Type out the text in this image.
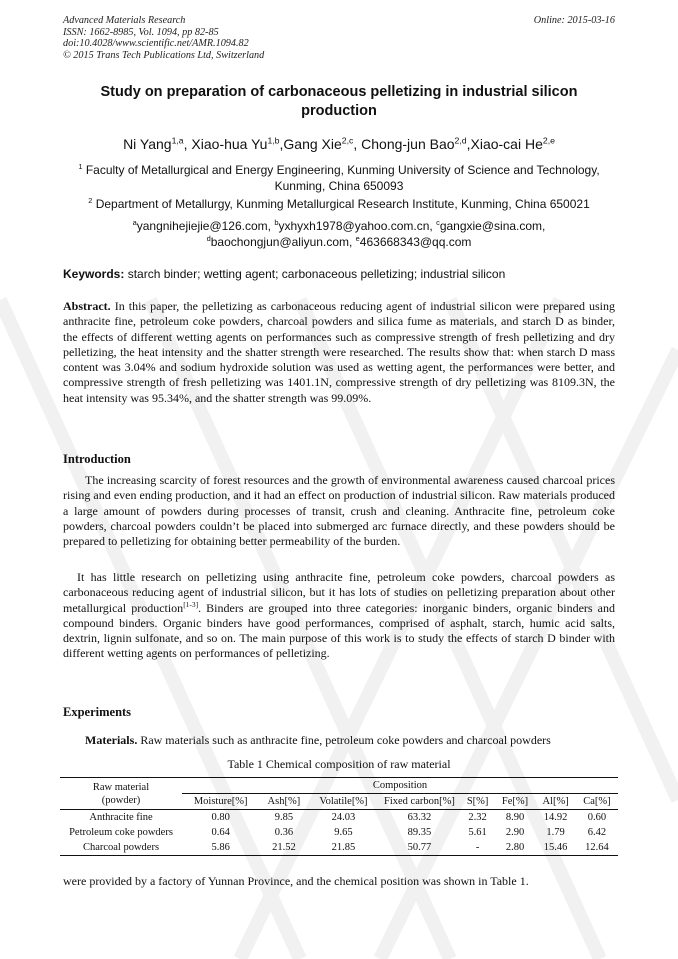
Advanced Materials Research
ISSN: 1662-8985, Vol. 1094, pp 82-85
doi:10.4028/www.scientific.net/AMR.1094.82
© 2015 Trans Tech Publications Ltd, Switzerland
Online: 2015-03-16
Study on preparation of carbonaceous pelletizing in industrial silicon
production
Ni Yang$^{1,a}$, Xiao-hua Yu$^{1,b}$,Gang Xie$^{2,c}$, Chong-jun Bao$^{2,d}$,Xiao-cai He$^{2,e}$
$^1$ Faculty of Metallurgical and Energy Engineering, Kunming University of Science and Technology,
Kunming, China 650093
$^2$ Department of Metallurgy, Kunming Metallurgical Research Institute, Kunming, China 650021
$^a$yangnihejiejie@126.com, $^b$yxhyxh1978@yahoo.com.cn, $^c$gangxie@sina.com,
$^d$baochongjun@aliyun.com, $^e$463668343@qq.com
Keywords: starch binder; wetting agent; carbonaceous pelletizing; industrial silicon
Abstract. In this paper, the pelletizing as carbonaceous reducing agent of industrial silicon were prepared using anthracite fine, petroleum coke powders, charcoal powders and silica fume as materials, and starch D as binder, the effects of different wetting agents on performances such as compressive strength of fresh pelletizing and dry pelletizing, the heat intensity and the shatter strength were researched. The results show that: when starch D mass content was 3.04% and sodium hydroxide solution was used as wetting agent, the performances were better, and compressive strength of fresh pelletizing was 1401.1N, compressive strength of dry pelletizing was 8109.3N, the heat intensity was 95.34%, and the shatter strength was 99.09%.
Introduction
The increasing scarcity of forest resources and the growth of environmental awareness caused charcoal prices rising and even ending production, and it had an effect on production of industrial silicon. Raw materials produced a large amount of powders during processes of transit, crush and cleaning. Anthracite fine, petroleum coke powders, charcoal powders couldn’t be placed into submerged arc furnace directly, and these powders should be prepared to pelletizing for obtaining better permeability of the burden.
It has little research on pelletizing using anthracite fine, petroleum coke powders, charcoal powders as carbonaceous reducing agent of industrial silicon, but it has lots of studies on pelletizing preparation about other metallurgical production[1-3]. Binders are grouped into three categories: inorganic binders, organic binders and compound binders. Organic binders have good performances, comprised of asphalt, starch, humic acid salts, dextrin, lignin sulfonate, and so on. The main purpose of this work is to study the effects of starch D binder with different wetting agents on performances of pelletizing.
Experiments
Materials. Raw materials such as anthracite fine, petroleum coke powders and charcoal powders
Table 1 Chemical composition of raw material
Raw material
(powder)	Composition							
	Moisture[%]	Ash[%]	Volatile[%]	Fixed carbon[%]	S[%]	Fe[%]	Al[%]	Ca[%]
Anthracite fine	0.80	9.85	24.03	63.32	2.32	8.90	14.92	0.60
Petroleum coke powders	0.64	0.36	9.65	89.35	5.61	2.90	1.79	6.42
Charcoal powders	5.86	21.52	21.85	50.77	-	2.80	15.46	12.64
were provided by a factory of Yunnan Province, and the chemical position was shown in Table 1.
